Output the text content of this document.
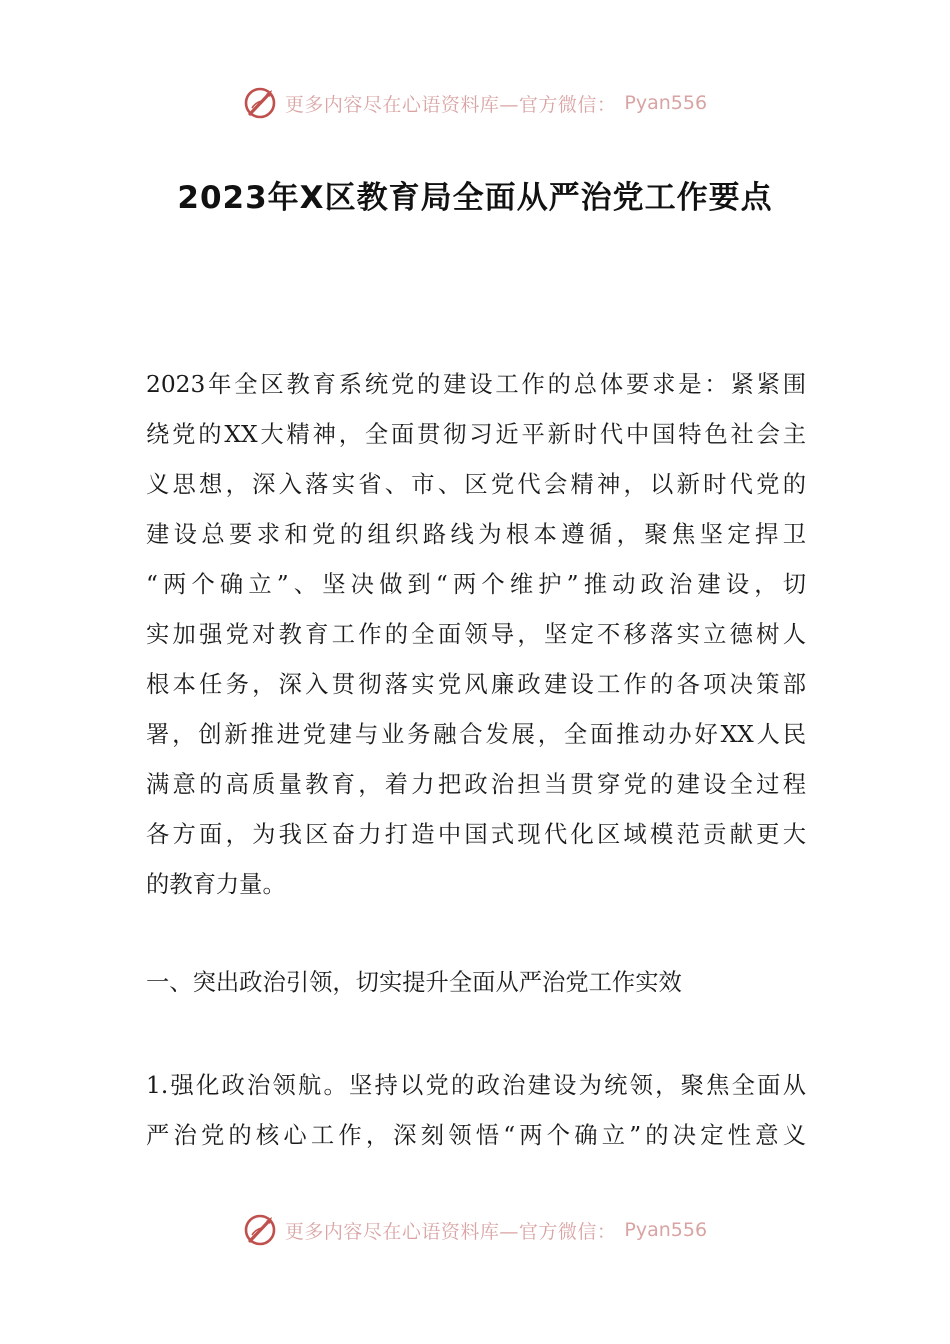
更多内容尽在心语资料库—官方微信： Pyan556
2023年X区教育局全面从严治党工作要点
2023年全区教育系统党的建设工作的总体要求是：紧紧围
绕党的XX大精神，全面贯彻习近平新时代中国特色社会主
义思想，深入落实省、市、区党代会精神，以新时代党的
建设总要求和党的组织路线为根本遵循，聚焦坚定捍卫
“两个确立”、坚决做到“两个维护”推动政治建设，切
实加强党对教育工作的全面领导，坚定不移落实立德树人
根本任务，深入贯彻落实党风廉政建设工作的各项决策部
署，创新推进党建与业务融合发展，全面推动办好XX人民
满意的高质量教育，着力把政治担当贯穿党的建设全过程
各方面，为我区奋力打造中国式现代化区域模范贡献更大
的教育力量。
一、突出政治引领，切实提升全面从严治党工作实效
1.强化政治领航。坚持以党的政治建设为统领，聚焦全面从
严治党的核心工作，深刻领悟“两个确立”的决定性意义
更多内容尽在心语资料库—官方微信： Pyan556
